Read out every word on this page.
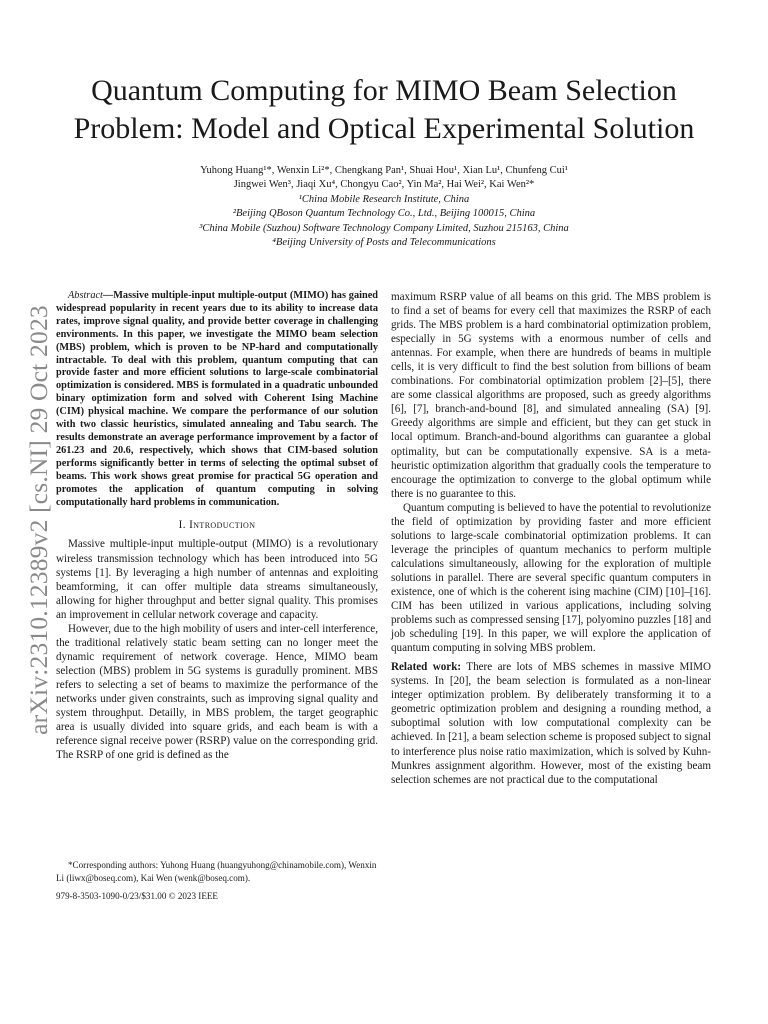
arXiv:2310.12389v2 [cs.NI] 29 Oct 2023
Quantum Computing for MIMO Beam Selection
Problem: Model and Optical Experimental Solution
Yuhong Huang¹*, Wenxin Li²*, Chengkang Pan¹, Shuai Hou¹, Xian Lu¹, Chunfeng Cui¹
Jingwei Wen³, Jiaqi Xu⁴, Chongyu Cao², Yin Ma², Hai Wei², Kai Wen²*
¹China Mobile Research Institute, China
²Beijing QBoson Quantum Technology Co., Ltd., Beijing 100015, China
³China Mobile (Suzhou) Software Technology Company Limited, Suzhou 215163, China
⁴Beijing University of Posts and Telecommunications

Abstract—Massive multiple-input multiple-output (MIMO) has gained widespread popularity in recent years due to its ability to increase data rates, improve signal quality, and provide better coverage in challenging environments. In this paper, we investigate the MIMO beam selection (MBS) problem, which is proven to be NP-hard and computationally intractable. To deal with this problem, quantum computing that can provide faster and more efficient solutions to large-scale combinatorial optimization is considered. MBS is formulated in a quadratic unbounded binary optimization form and solved with Coherent Ising Machine (CIM) physical machine. We compare the performance of our solution with two classic heuristics, simulated annealing and Tabu search. The results demonstrate an average performance improvement by a factor of 261.23 and 20.6, respectively, which shows that CIM-based solution performs significantly better in terms of selecting the optimal subset of beams. This work shows great promise for practical 5G operation and promotes the application of quantum computing in solving computationally hard problems in communication.

I. Introduction

Massive multiple-input multiple-output (MIMO) is a revolutionary wireless transmission technology which has been introduced into 5G systems [1]. By leveraging a high number of antennas and exploiting beamforming, it can offer multiple data streams simultaneously, allowing for higher throughput and better signal quality. This promises an improvement in cellular network coverage and capacity.

However, due to the high mobility of users and inter-cell interference, the traditional relatively static beam setting can no longer meet the dynamic requirement of network coverage. Hence, MIMO beam selection (MBS) problem in 5G systems is guradully prominent. MBS refers to selecting a set of beams to maximize the performance of the networks under given constraints, such as improving signal quality and system throughput. Detailly, in MBS problem, the target geographic area is usually divided into square grids, and each beam is with a reference signal receive power (RSRP) value on the corresponding grid. The RSRP of one grid is defined as the

*Corresponding authors: Yuhong Huang (huangyuhong@chinamobile.com), Wenxin Li (liwx@boseq.com), Kai Wen (wenk@boseq.com).

979-8-3503-1090-0/23/$31.00 © 2023 IEEE

maximum RSRP value of all beams on this grid. The MBS problem is to find a set of beams for every cell that maximizes the RSRP of each grids. The MBS problem is a hard combinatorial optimization problem, especially in 5G systems with a enormous number of cells and antennas. For example, when there are hundreds of beams in multiple cells, it is very difficult to find the best solution from billions of beam combinations. For combinatorial optimization problem [2]–[5], there are some classical algorithms are proposed, such as greedy algorithms [6], [7], branch-and-bound [8], and simulated annealing (SA) [9]. Greedy algorithms are simple and efficient, but they can get stuck in local optimum. Branch-and-bound algorithms can guarantee a global optimality, but can be computationally expensive. SA is a meta-heuristic optimization algorithm that gradually cools the temperature to encourage the optimization to converge to the global optimum while there is no guarantee to this.

Quantum computing is believed to have the potential to revolutionize the field of optimization by providing faster and more efficient solutions to large-scale combinatorial optimization problems. It can leverage the principles of quantum mechanics to perform multiple calculations simultaneously, allowing for the exploration of multiple solutions in parallel. There are several specific quantum computers in existence, one of which is the coherent ising machine (CIM) [10]–[16]. CIM has been utilized in various applications, including solving problems such as compressed sensing [17], polyomino puzzles [18] and job scheduling [19]. In this paper, we will explore the application of quantum computing in solving MBS problem.

Related work: There are lots of MBS schemes in massive MIMO systems. In [20], the beam selection is formulated as a non-linear integer optimization problem. By deliberately transforming it to a geometric optimization problem and designing a rounding method, a suboptimal solution with low computational complexity can be achieved. In [21], a beam selection scheme is proposed subject to signal to interference plus noise ratio maximization, which is solved by Kuhn-Munkres assignment algorithm. However, most of the existing beam selection schemes are not practical due to the computational
